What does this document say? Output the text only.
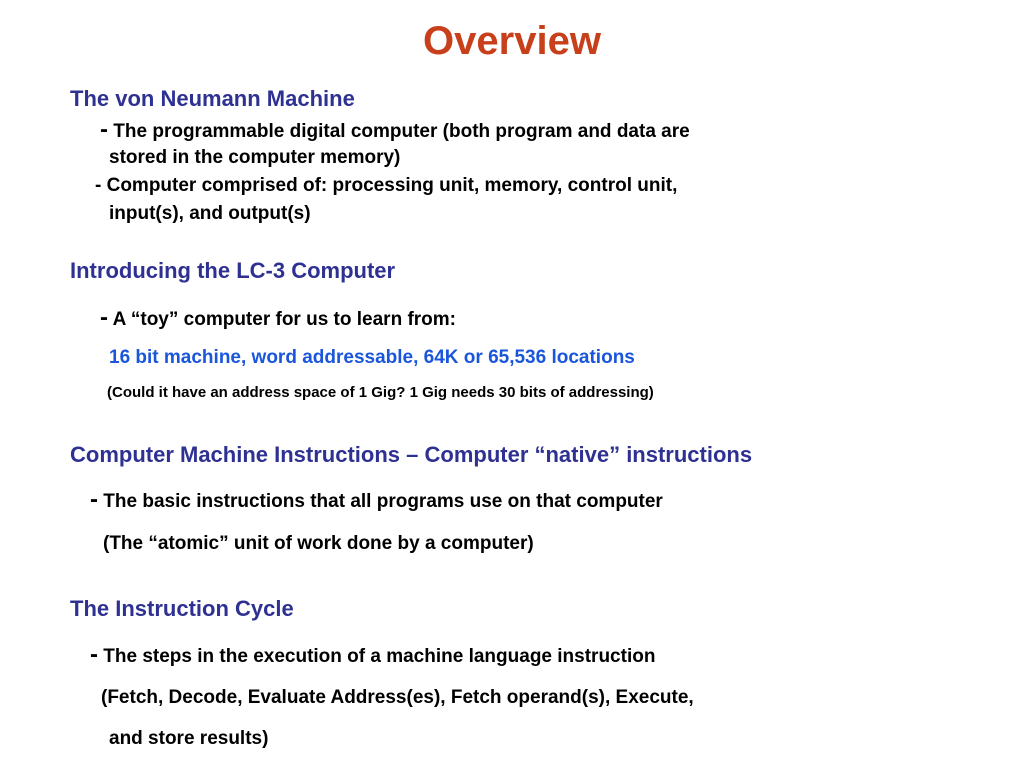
Overview
The von Neumann Machine
- The programmable digital computer (both program and data are
stored in the computer memory)
- Computer comprised of: processing unit, memory, control unit,
input(s), and output(s)
Introducing the LC-3 Computer
- A “toy” computer for us to learn from:
16 bit machine, word addressable, 64K or 65,536 locations
(Could it have an address space of 1 Gig? 1 Gig needs 30 bits of addressing)
Computer Machine Instructions – Computer “native” instructions
- The basic instructions that all programs use on that computer
(The “atomic” unit of work done by a computer)
The Instruction Cycle
- The steps in the execution of a machine language instruction
(Fetch, Decode, Evaluate Address(es), Fetch operand(s), Execute,
and store results)
